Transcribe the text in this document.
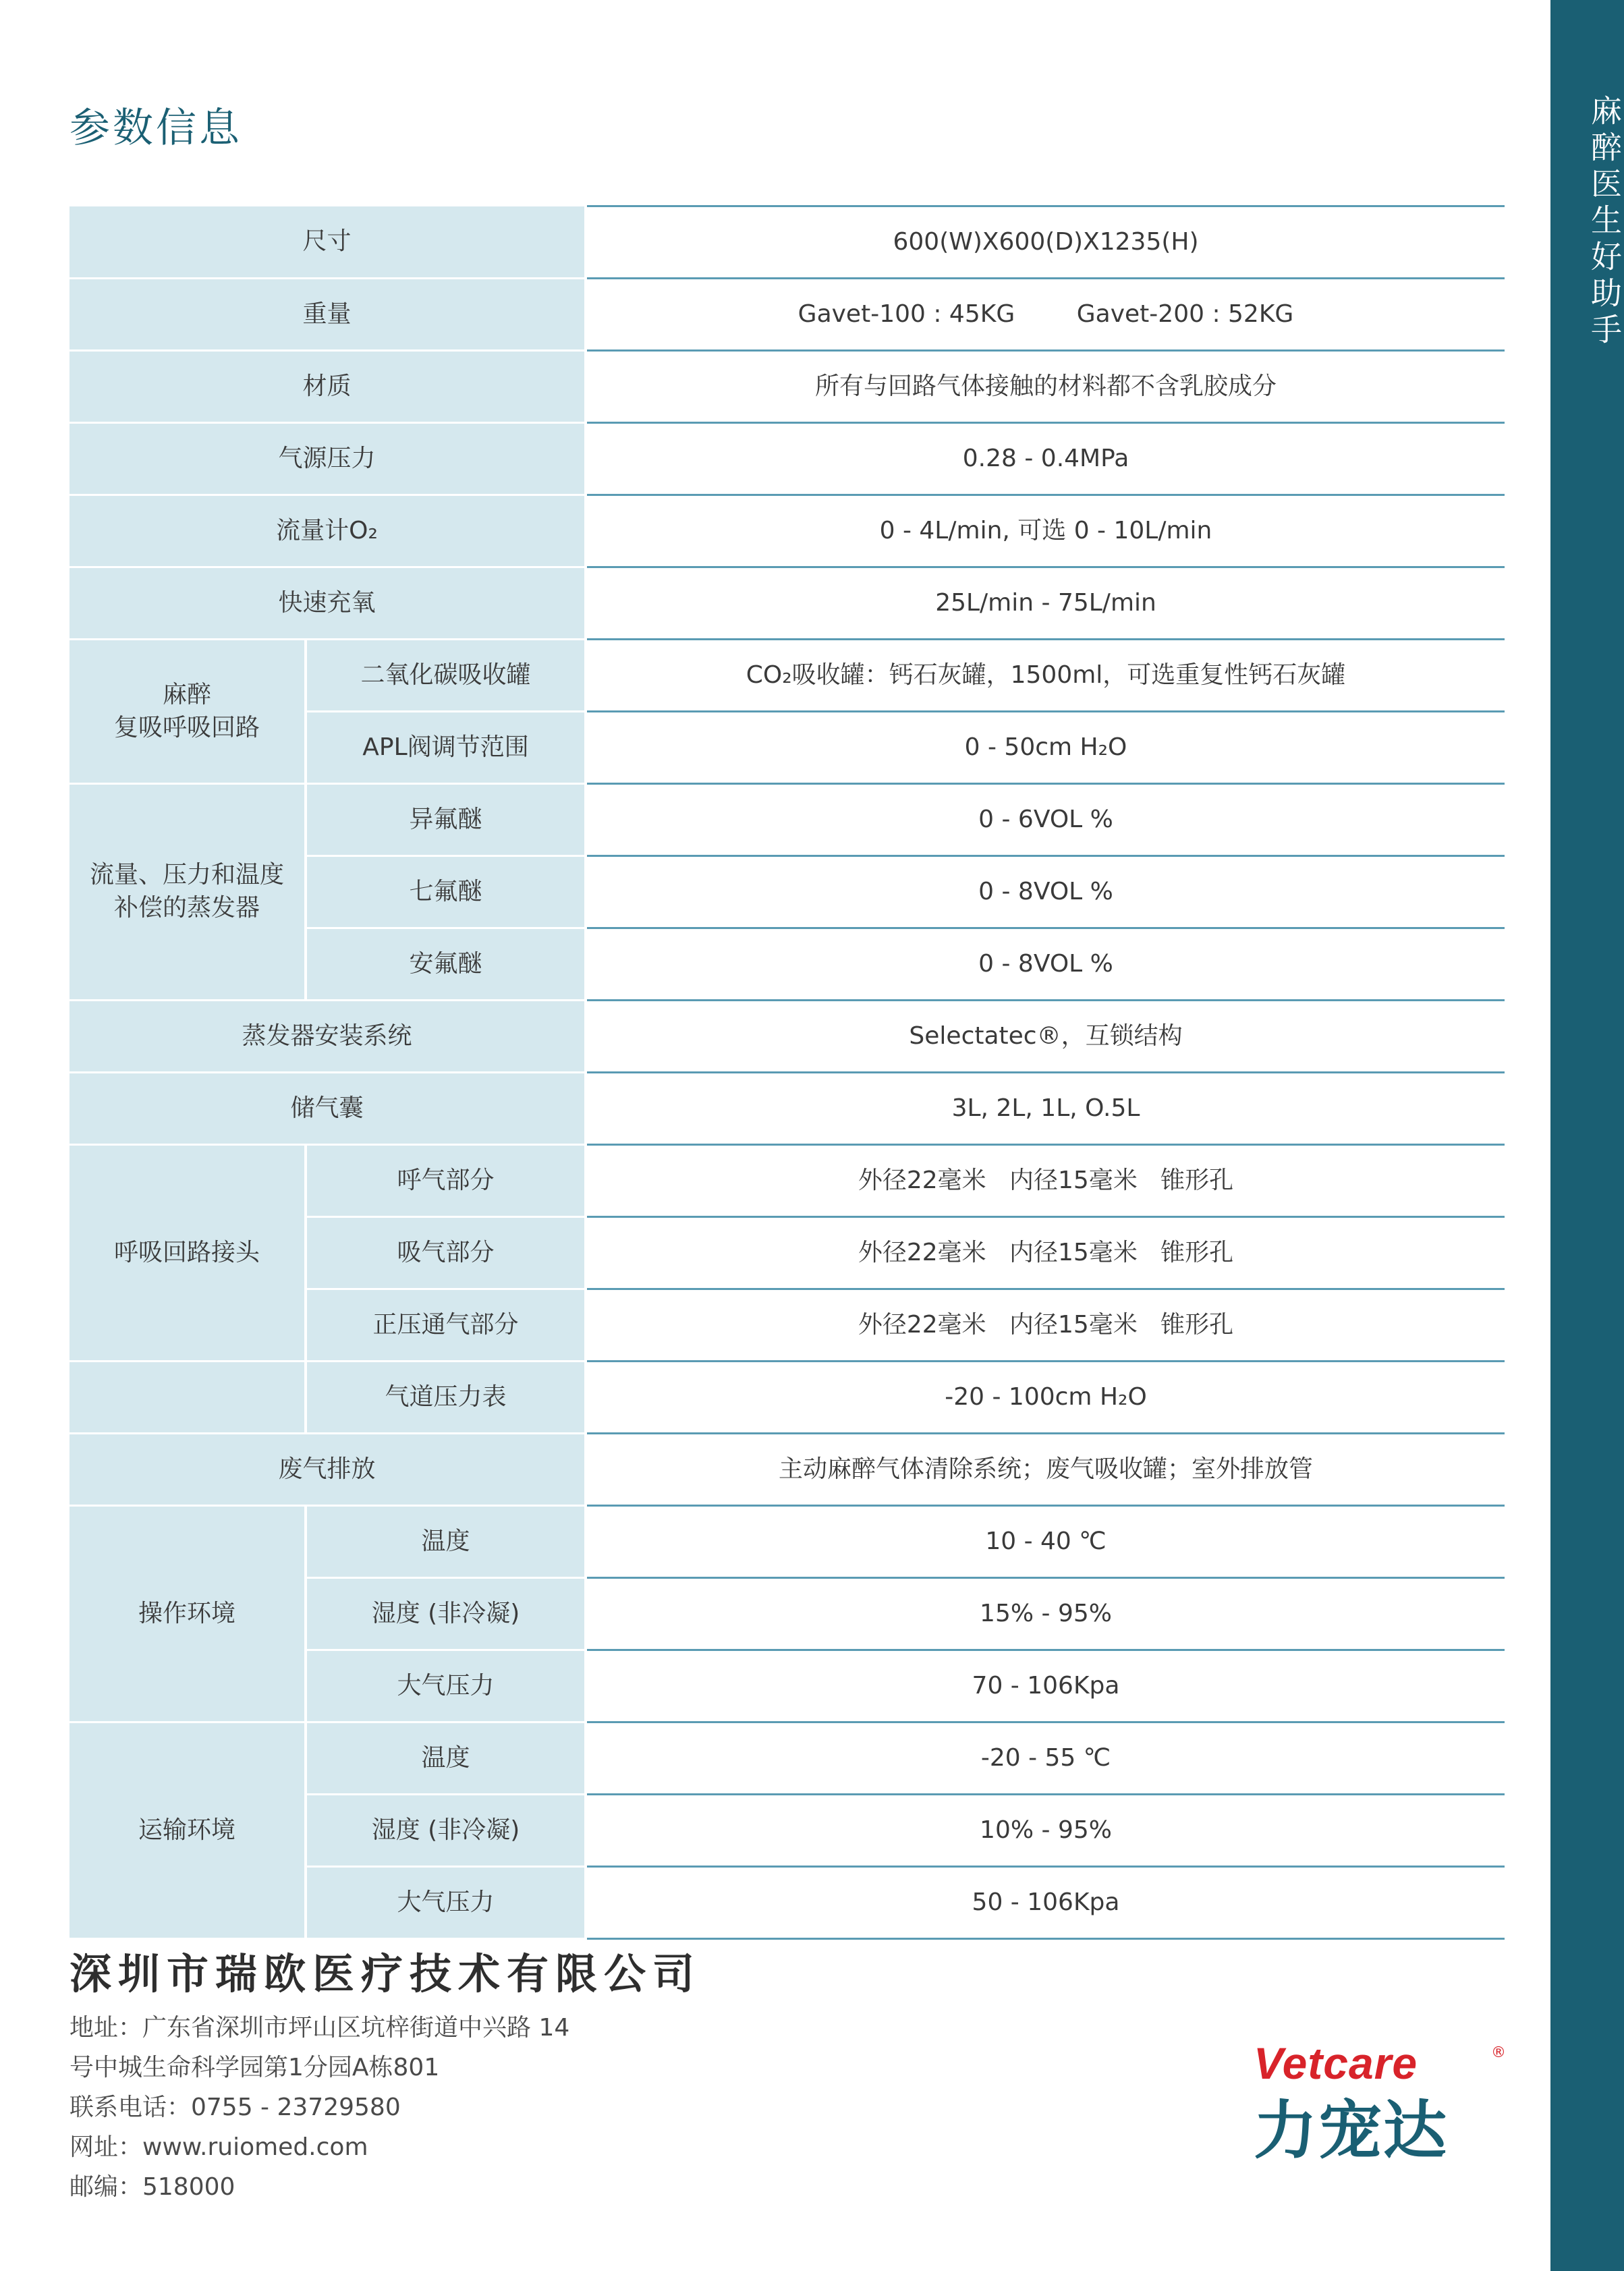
麻醉医生好助手
参数信息
尺寸		600(W)X600(D)X1235(H)
重量		Gavet-100 : 45KG        Gavet-200 : 52KG
材质		所有与回路气体接触的材料都不含乳胶成分
气源压力		0.28 - 0.4MPa
流量计O₂		0 - 4L/min, 可选 0 - 10L/min
快速充氧		25L/min - 75L/min
麻醉
复吸呼吸回路	二氧化碳吸收罐	CO₂吸收罐：钙石灰罐，1500ml，可选重复性钙石灰罐
	APL阀调节范围	0 - 50cm H₂O
流量、压力和温度
补偿的蒸发器	异氟醚	0 - 6VOL %
	七氟醚	0 - 8VOL %
	安氟醚	0 - 8VOL %
蒸发器安装系统		Selectatec®，互锁结构
储气囊		3L, 2L, 1L, O.5L
呼吸回路接头	呼气部分	外径22毫米   内径15毫米   锥形孔
	吸气部分	外径22毫米   内径15毫米   锥形孔
	正压通气部分	外径22毫米   内径15毫米   锥形孔
	气道压力表	-20 - 100cm H₂O
废气排放		主动麻醉气体清除系统；废气吸收罐；室外排放管
操作环境	温度	10 - 40 ℃
	湿度 (非冷凝)	15% - 95%
	大气压力	70 - 106Kpa
运输环境	温度	-20 - 55 ℃
	湿度 (非冷凝)	10% - 95%
	大气压力	50 - 106Kpa
深圳市瑞欧医疗技术有限公司
地址：广东省深圳市坪山区坑梓街道中兴路 14
号中城生命科学园第1分园A栋801
联系电话：0755 - 23729580
网址：www.ruiomed.com
邮编：518000
Vetcare	®
力宠达
